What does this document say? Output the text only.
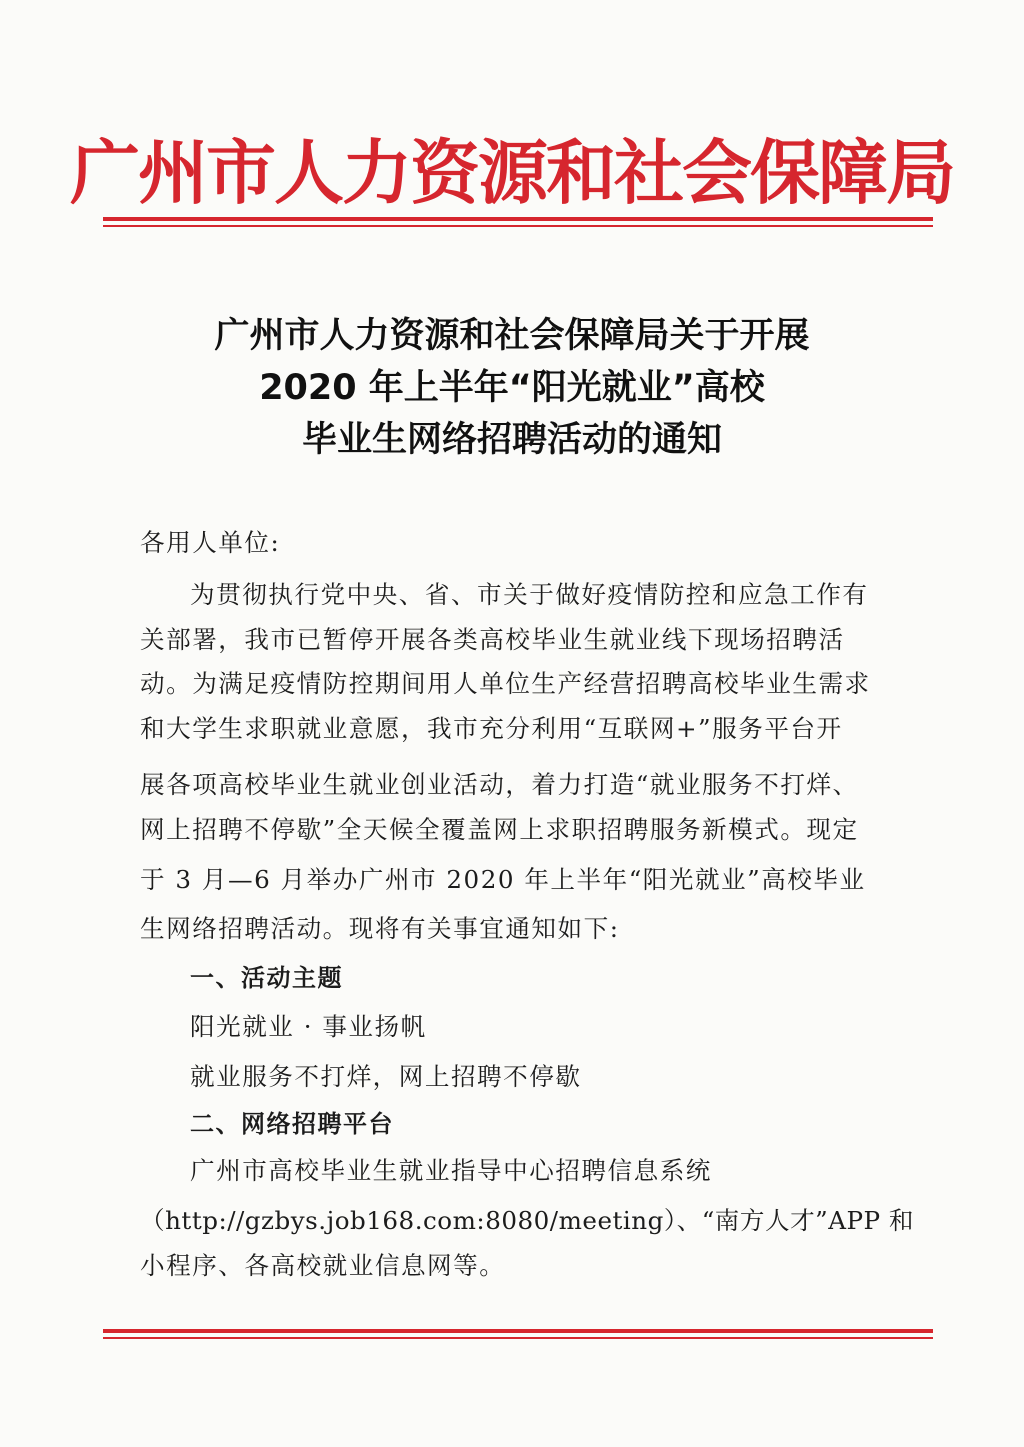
广州市人力资源和社会保障局
广州市人力资源和社会保障局关于开展
2020 年上半年“阳光就业”高校
毕业生网络招聘活动的通知
各用人单位:
为贯彻执行党中央、省、市关于做好疫情防控和应急工作有
关部署，我市已暂停开展各类高校毕业生就业线下现场招聘活
动。为满足疫情防控期间用人单位生产经营招聘高校毕业生需求
和大学生求职就业意愿，我市充分利用“互联网+”服务平台开
展各项高校毕业生就业创业活动，着力打造“就业服务不打烊、
网上招聘不停歇”全天候全覆盖网上求职招聘服务新模式。现定
于 3 月—6 月举办广州市 2020 年上半年“阳光就业”高校毕业
生网络招聘活动。现将有关事宜通知如下:
一、活动主题
阳光就业 · 事业扬帆
就业服务不打烊，网上招聘不停歇
二、网络招聘平台
广州市高校毕业生就业指导中心招聘信息系统
（http://gzbys.job168.com:8080/meeting）、“南方人才”APP 和
小程序、各高校就业信息网等。
